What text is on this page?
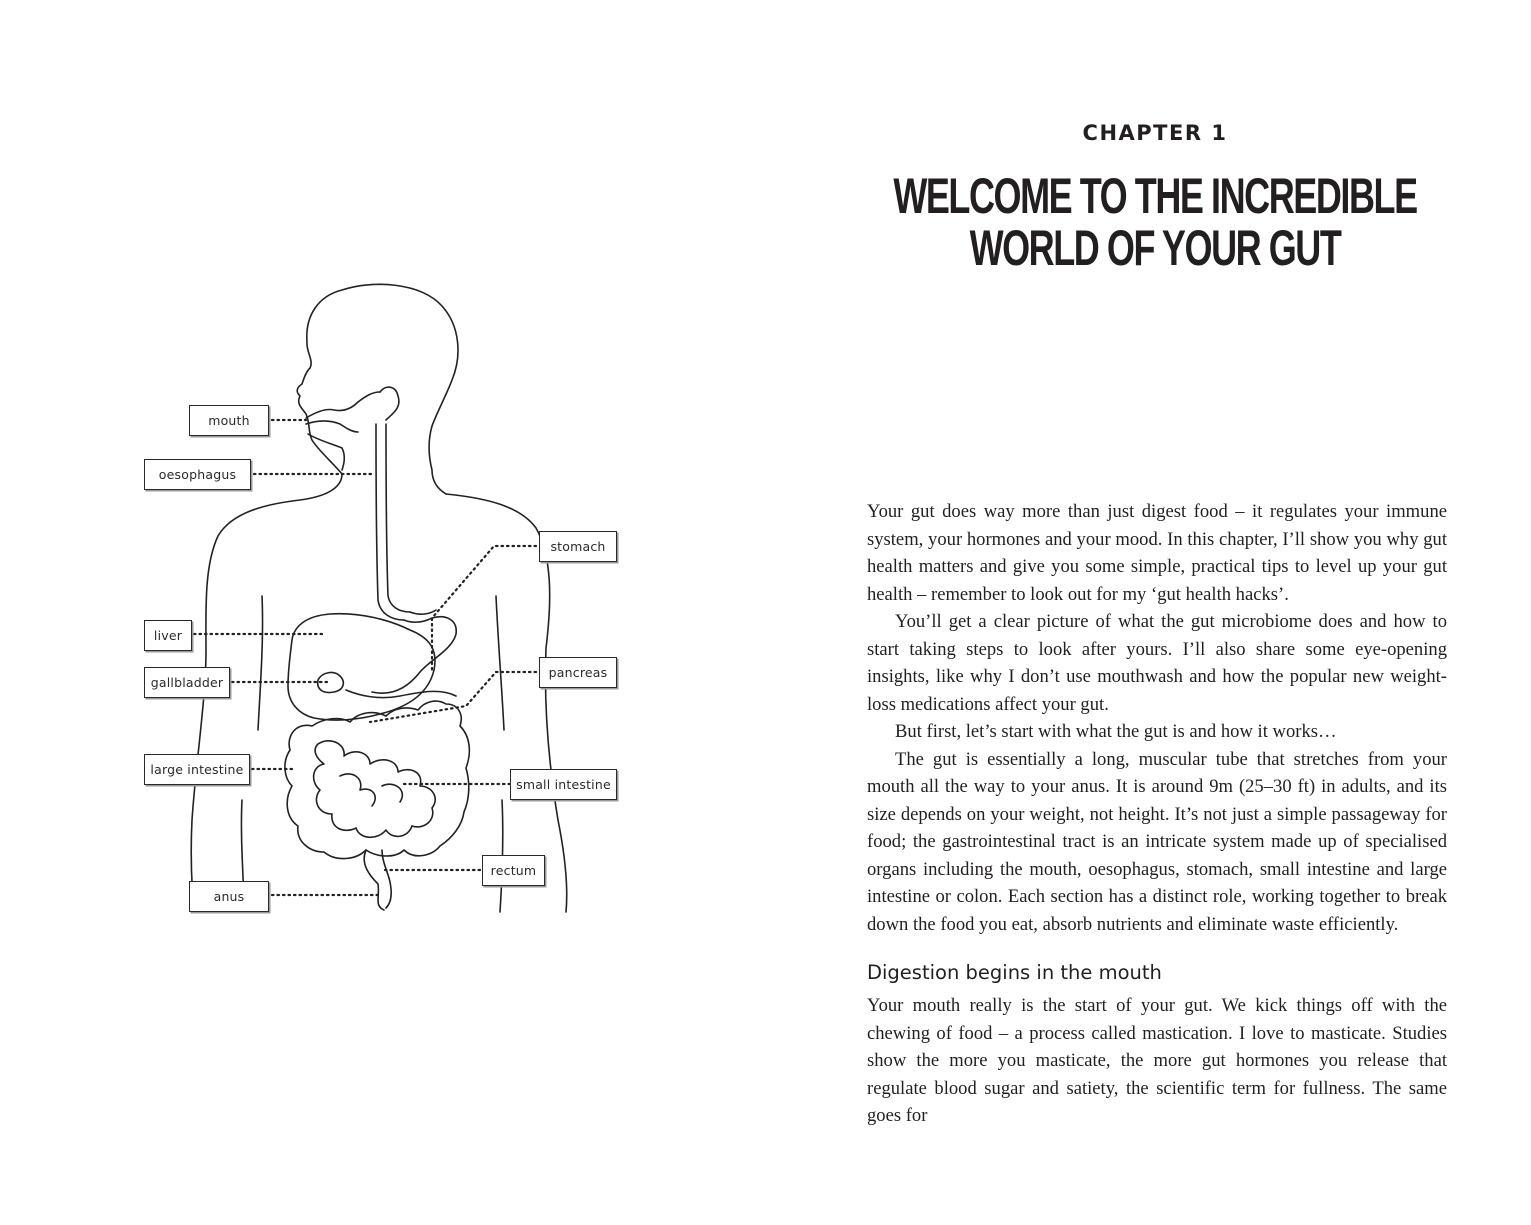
mouth
oesophagus
stomach
liver
gallbladder
pancreas
large intestine
small intestine
rectum
anus
CHAPTER 1
WELCOME TO THE INCREDIBLE
WORLD OF YOUR GUT

Your gut does way more than just digest food – it regulates your immune system, your hormones and your mood. In this chapter, I’ll show you why gut health matters and give you some simple, practical tips to level up your gut health – remember to look out for my ‘gut health hacks’.

You’ll get a clear picture of what the gut microbiome does and how to start taking steps to look after yours. I’ll also share some eye-opening insights, like why I don’t use mouthwash and how the popular new weight-loss medications affect your gut.

But first, let’s start with what the gut is and how it works…

The gut is essentially a long, muscular tube that stretches from your mouth all the way to your anus. It is around 9m (25–30 ft) in adults, and its size depends on your weight, not height. It’s not just a simple passageway for food; the gastrointestinal tract is an intricate system made up of specialised organs including the mouth, oesophagus, stomach, small intestine and large intestine or colon. Each section has a distinct role, working together to break down the food you eat, absorb nutrients and eliminate waste efficiently.

Digestion begins in the mouth

Your mouth really is the start of your gut. We kick things off with the chewing of food – a process called mastication. I love to masticate. Studies show the more you masticate, the more gut hormones you release that regulate blood sugar and satiety, the scientific term for fullness. The same goes for
